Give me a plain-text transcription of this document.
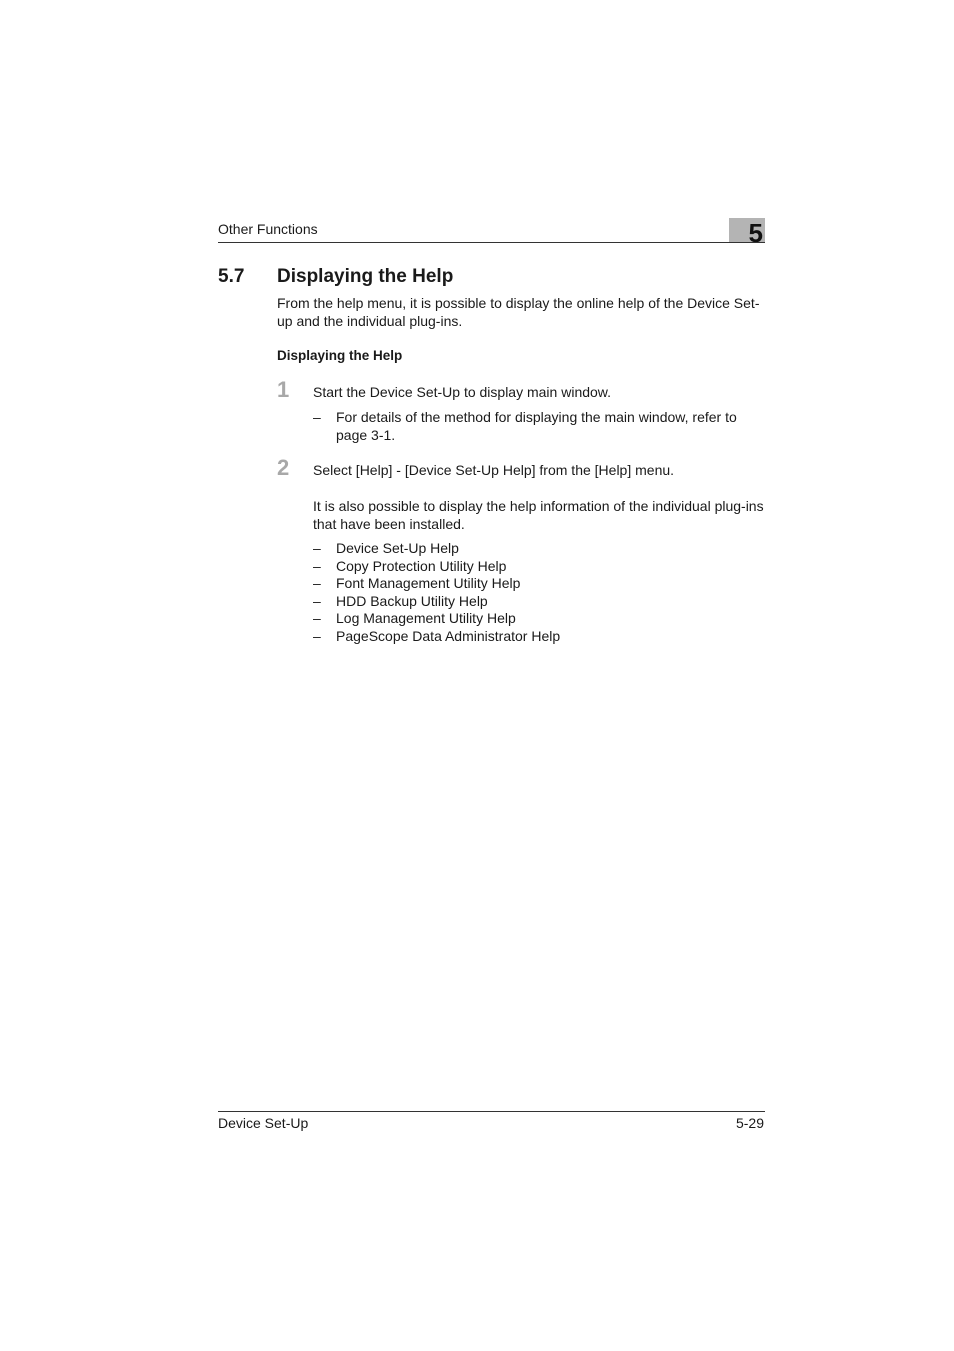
Other Functions	5
5.7 Displaying the Help
From the help menu, it is possible to display the online help of the Device Set-up and the individual plug-ins.
Displaying the Help
1 Start the Device Set-Up to display main window.
– For details of the method for displaying the main window, refer to page 3-1.
2 Select [Help] - [Device Set-Up Help] from the [Help] menu.
It is also possible to display the help information of the individual plug-ins that have been installed.
–	Device Set-Up Help
–	Copy Protection Utility Help
–	Font Management Utility Help
–	HDD Backup Utility Help
–	Log Management Utility Help
–	PageScope Data Administrator Help
Device Set-Up	5-29
